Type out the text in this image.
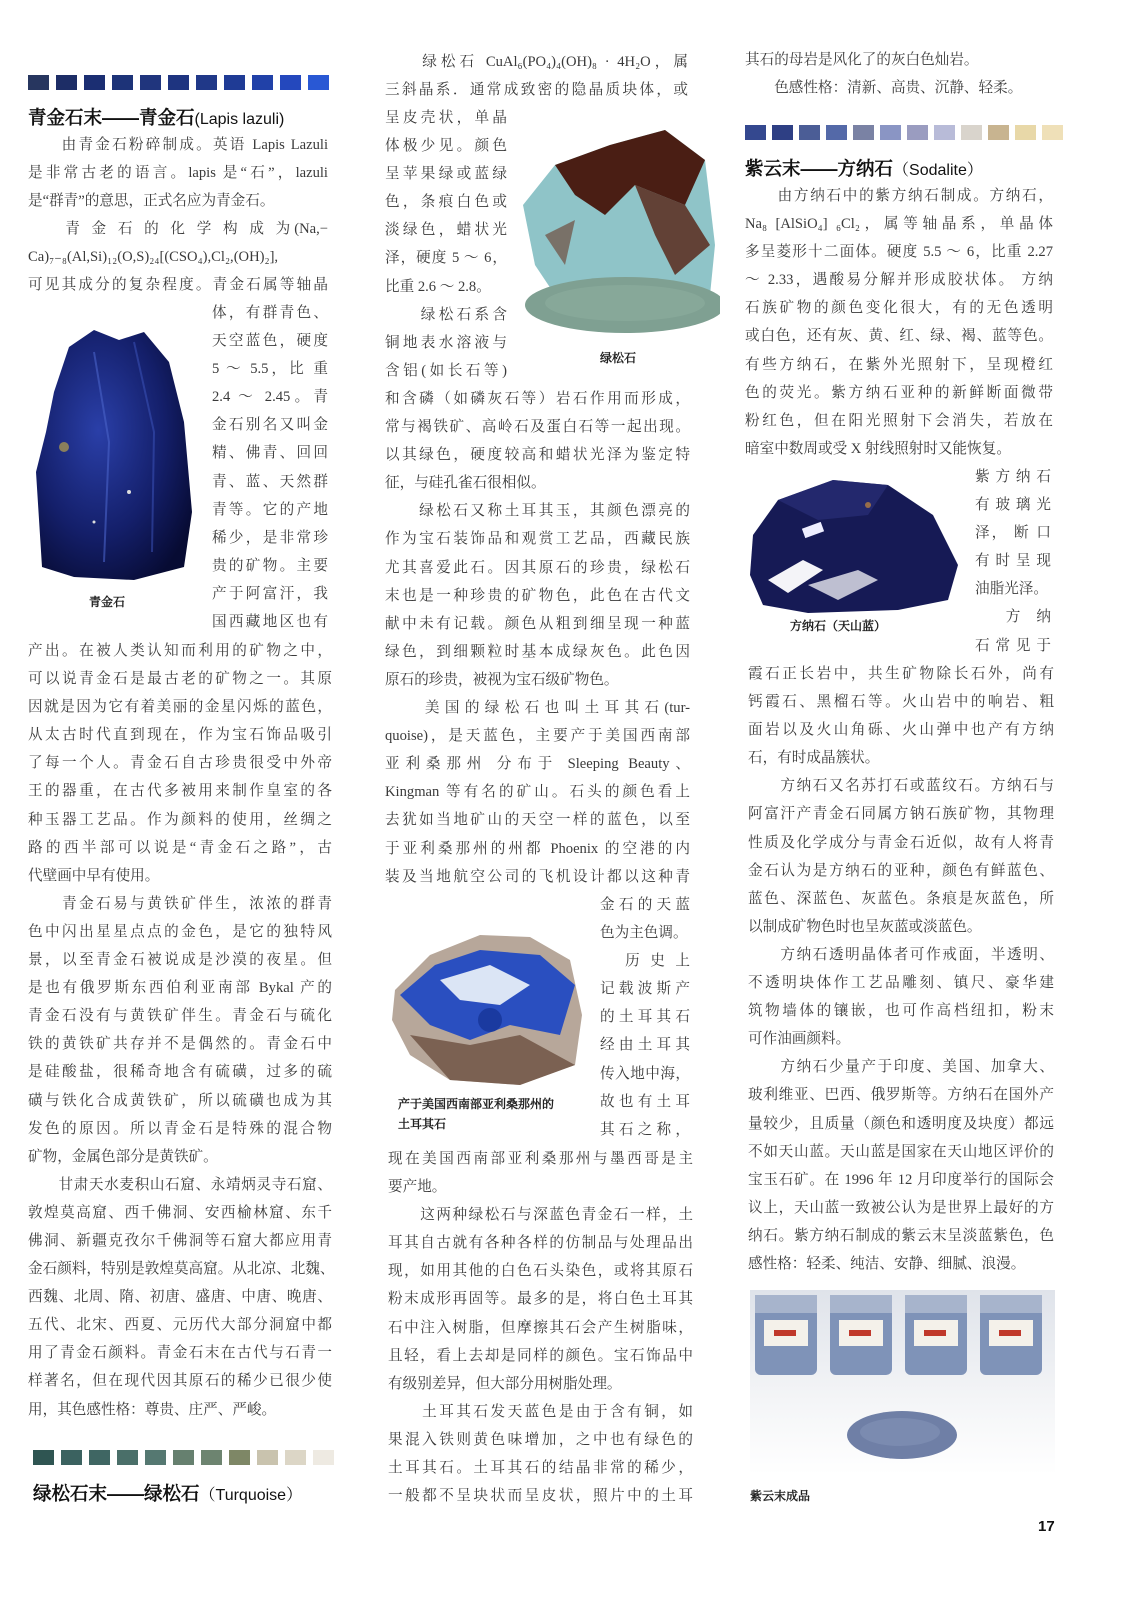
青金石末——青金石(Lapis lazuli)
　　由青金石粉碎制成。英语 Lapis Lazuli
是非常古老的语言。lapis 是“石”，lazuli
是“群青”的意思，正式名应为青金石。
　　青 金 石 的 化 学 构 成 为(Na,−
Ca)₇₋₈(Al,Si)₁₂(O,S)₂₄[(CSO₄),Cl₂,(OH)₂],
可见其成分的复杂程度。青金石属等轴晶
体，有群青色、
天空蓝色，硬度
5 ～ 5.5，比 重
2.4 ～ 2.45。青
金石别名又叫金
精、佛青、回回
青、蓝、天然群
青等。它的产地
稀少，是非常珍
贵的矿物。主要
产于阿富汗，我
国西藏地区也有
青金石
产出。在被人类认知而利用的矿物之中，
可以说青金石是最古老的矿物之一。其原
因就是因为它有着美丽的金星闪烁的蓝色，
从太古时代直到现在，作为宝石饰品吸引
了每一个人。青金石自古珍贵很受中外帝
王的器重，在古代多被用来制作皇室的各
种玉器工艺品。作为颜料的使用，丝绸之
路的西半部可以说是“青金石之路”，古
代壁画中早有使用。
　　青金石易与黄铁矿伴生，浓浓的群青
色中闪出星星点点的金色，是它的独特风
景，以至青金石被说成是沙漠的夜星。但
是也有俄罗斯东西伯利亚南部 Bykal 产的
青金石没有与黄铁矿伴生。青金石与硫化
铁的黄铁矿共存并不是偶然的。青金石中
是硅酸盐，很稀奇地含有硫磺，过多的硫
磺与铁化合成黄铁矿，所以硫磺也成为其
发色的原因。所以青金石是特殊的混合物
矿物，金属色部分是黄铁矿。
　　甘肃天水麦积山石窟、永靖炳灵寺石窟、
敦煌莫高窟、西千佛洞、安西榆林窟、东千
佛洞、新疆克孜尔千佛洞等石窟大都应用青
金石颜料，特别是敦煌莫高窟。从北凉、北魏、
西魏、北周、隋、初唐、盛唐、中唐、晚唐、
五代、北宋、西夏、元历代大部分洞窟中都
用了青金石颜料。青金石末在古代与石青一
样著名，但在现代因其原石的稀少已很少使
用，其色感性格：尊贵、庄严、严峻。
绿松石末——绿松石（Turquoise）
　　绿松石 CuAl₆(PO₄)₄(OH)₈ · 4H₂O，属
三斜晶系．通常成致密的隐晶质块体，或
呈皮壳状，单晶
体极少见。颜色
呈苹果绿或蓝绿
色，条痕白色或
淡绿色，蜡状光
泽，硬度 5 ～ 6，
比重 2.6 ～ 2.8。
　　绿松石系含
铜地表水溶液与
含铝(如长石等)
绿松石
和含磷（如磷灰石等）岩石作用而形成，
常与褐铁矿、高岭石及蛋白石等一起出现。
以其绿色，硬度较高和蜡状光泽为鉴定特
征，与硅孔雀石很相似。
　　绿松石又称土耳其玉，其颜色漂亮的
作为宝石装饰品和观赏工艺品，西藏民族
尤其喜爱此石。因其原石的珍贵，绿松石
末也是一种珍贵的矿物色，此色在古代文
献中未有记载。颜色从粗到细呈现一种蓝
绿色，到细颗粒时基本成绿灰色。此色因
原石的珍贵，被视为宝石级矿物色。
　　美国的绿松石也叫土耳其石(tur-
quoise)，是天蓝色，主要产于美国西南部
亚利桑那州 分布于 Sleeping Beauty、
Kingman 等有名的矿山。石头的颜色看上
去犹如当地矿山的天空一样的蓝色，以至
于亚利桑那州的州都 Phoenix 的空港的内
装及当地航空公司的飞机设计都以这种青
金石的天蓝
色为主色调。
　 历 史 上
记载波斯产
的土耳其石
经由土耳其
传入地中海，
故也有土耳
其石之称，
产于美国西南部亚利桑那州的
土耳其石
现在美国西南部亚利桑那州与墨西哥是主
要产地。
　　这两种绿松石与深蓝色青金石一样，土
耳其自古就有各种各样的仿制品与处理品出
现，如用其他的白色石头染色，或将其原石
粉末成形再固等。最多的是，将白色土耳其
石中注入树脂，但摩擦其石会产生树脂味，
且轻，看上去却是同样的颜色。宝石饰品中
有级别差异，但大部分用树脂处理。
　　土耳其石发天蓝色是由于含有铜，如
果混入铁则黄色味增加，之中也有绿色的
土耳其石。土耳其石的结晶非常的稀少，
一般都不呈块状而呈皮状，照片中的土耳
其石的母岩是风化了的灰白色灿岩。
　　色感性格：清新、高贵、沉静、轻柔。
紫云末——方纳石（Sodalite）
　　由方纳石中的紫方纳石制成。方纳石，
Na₈ [AlSiO₄] ₆Cl₂，属等轴晶系，单晶体
多呈菱形十二面体。硬度 5.5 ～ 6，比重 2.27
～ 2.33，遇酸易分解并形成胶状体。 方纳
石族矿物的颜色变化很大，有的无色透明
或白色，还有灰、黄、红、绿、褐、蓝等色。
有些方纳石，在紫外光照射下，呈现橙红
色的荧光。紫方纳石亚种的新鲜断面微带
粉红色，但在阳光照射下会消失，若放在
暗室中数周或受 X 射线照射时又能恢复。
紫方纳石
有玻璃光
泽， 断 口
有时呈现
油脂光泽。
　 方 纳
石常见于
方纳石（天山蓝）
霞石正长岩中，共生矿物除长石外，尚有
钙霞石、黑榴石等。火山岩中的响岩、粗
面岩以及火山角砾、火山弹中也产有方纳
石，有时成晶簇状。
　　方纳石又名苏打石或蓝纹石。方纳石与
阿富汗产青金石同属方钠石族矿物，其物理
性质及化学成分与青金石近似，故有人将青
金石认为是方纳石的亚种，颜色有鲜蓝色、
蓝色、深蓝色、灰蓝色。条痕是灰蓝色，所
以制成矿物色时也呈灰蓝或淡蓝色。
　　方纳石透明晶体者可作戒面，半透明、
不透明块体作工艺品雕刻、镇尺、豪华建
筑物墙体的镶嵌，也可作高档纽扣，粉末
可作油画颜料。
　　方纳石少量产于印度、美国、加拿大、
玻利维亚、巴西、俄罗斯等。方纳石在国外产
量较少，且质量（颜色和透明度及块度）都远
不如天山蓝。天山蓝是国家在天山地区评价的
宝玉石矿。在 1996 年 12 月印度举行的国际会
议上，天山蓝一致被公认为是世界上最好的方
纳石。紫方纳石制成的紫云末呈淡蓝紫色，色
感性格：轻柔、纯洁、安静、细腻、浪漫。
紫云末成品
17
